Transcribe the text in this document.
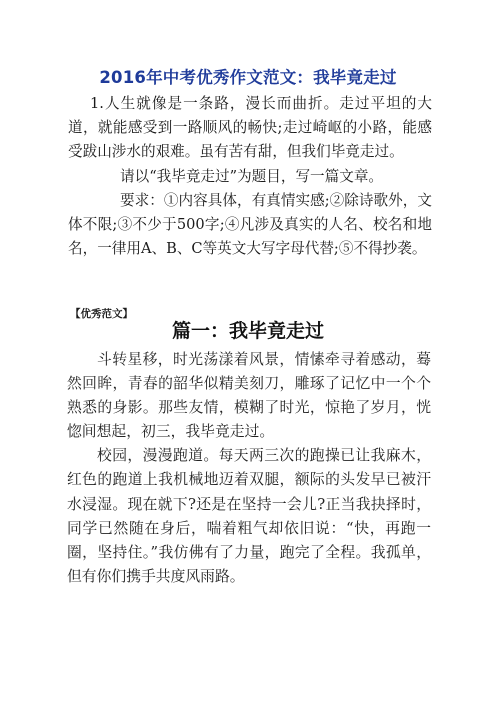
2016年中考优秀作文范文：我毕竟走过

1.人生就像是一条路，漫长而曲折。走过平坦的大道，就能感受到一路顺风的畅快;走过崎岖的小路，能感受跋山涉水的艰难。虽有苦有甜，但我们毕竟走过。

请以“我毕竟走过”为题目，写一篇文章。

要求：①内容具体，有真情实感;②除诗歌外，文体不限;③不少于500字;④凡涉及真实的人名、校名和地名，一律用A、B、C等英文大写字母代替;⑤不得抄袭。

【优秀范文】
篇一：我毕竟走过

斗转星移，时光荡漾着风景，情愫牵寻着感动，蓦然回眸，青春的韶华似精美刻刀，雕琢了记忆中一个个熟悉的身影。那些友情，模糊了时光，惊艳了岁月，恍惚间想起，初三，我毕竟走过。

校园，漫漫跑道。每天两三次的跑操已让我麻木，红色的跑道上我机械地迈着双腿，额际的头发早已被汗水浸湿。现在就下?还是在坚持一会儿?正当我抉择时，同学已然随在身后，喘着粗气却依旧说：“快，再跑一圈，坚持住。”我仿佛有了力量，跑完了全程。我孤单，但有你们携手共度风雨路。
